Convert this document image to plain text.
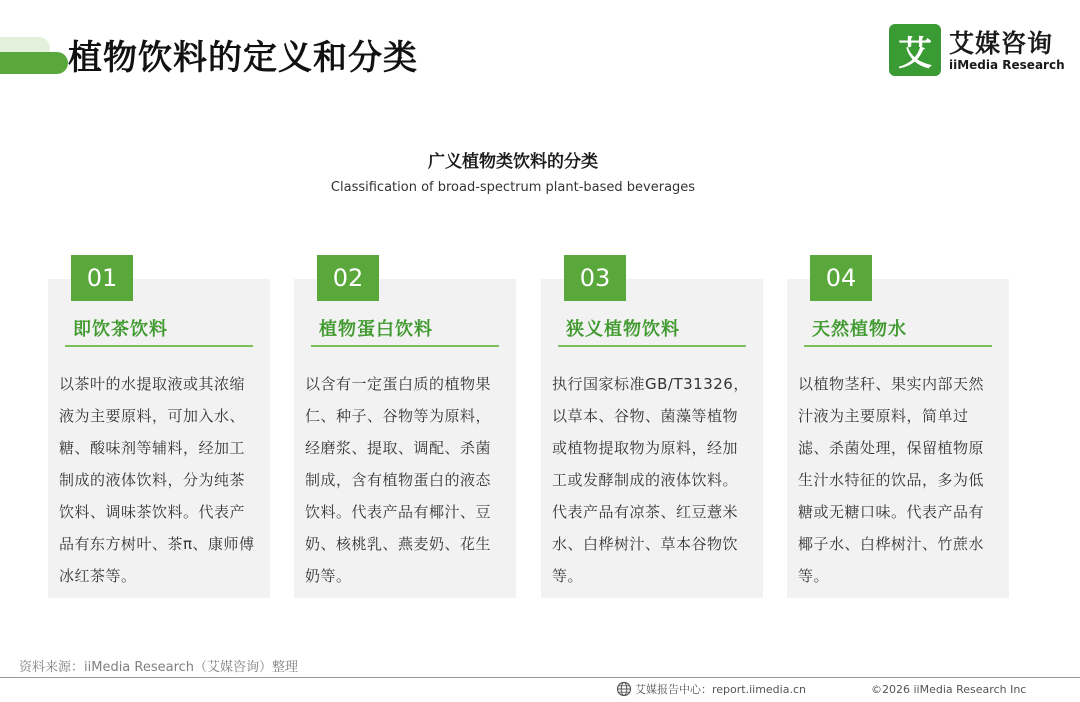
植物饮料的定义和分类	艾 艾媒咨询
iiMedia Research
广义植物类饮料的分类

Classification of broad-spectrum plant-based beverages

01
即饮茶饮料

以茶叶的水提取液或其浓缩液为主要原料，可加入水、糖、酸味剂等辅料，经加工制成的液体饮料，分为纯茶饮料、调味茶饮料。代表产品有东方树叶、茶π、康师傅冰红茶等。

02
植物蛋白饮料

以含有一定蛋白质的植物果仁、种子、谷物等为原料，经磨浆、提取、调配、杀菌制成，含有植物蛋白的液态饮料。代表产品有椰汁、豆奶、核桃乳、燕麦奶、花生奶等。

03
狭义植物饮料

执行国家标准GB/T31326，以草本、谷物、菌藻等植物或植物提取物为原料，经加工或发酵制成的液体饮料。代表产品有凉茶、红豆薏米水、白桦树汁、草本谷物饮等。

04
天然植物水

以植物茎秆、果实内部天然汁液为主要原料，简单过滤、杀菌处理，保留植物原生汁水特征的饮品，多为低糖或无糖口味。代表产品有椰子水、白桦树汁、竹蔗水等。

资料来源：iiMedia Research（艾媒咨询）整理

艾媒报告中心：report.iimedia.cn	©2026 iiMedia Research Inc
